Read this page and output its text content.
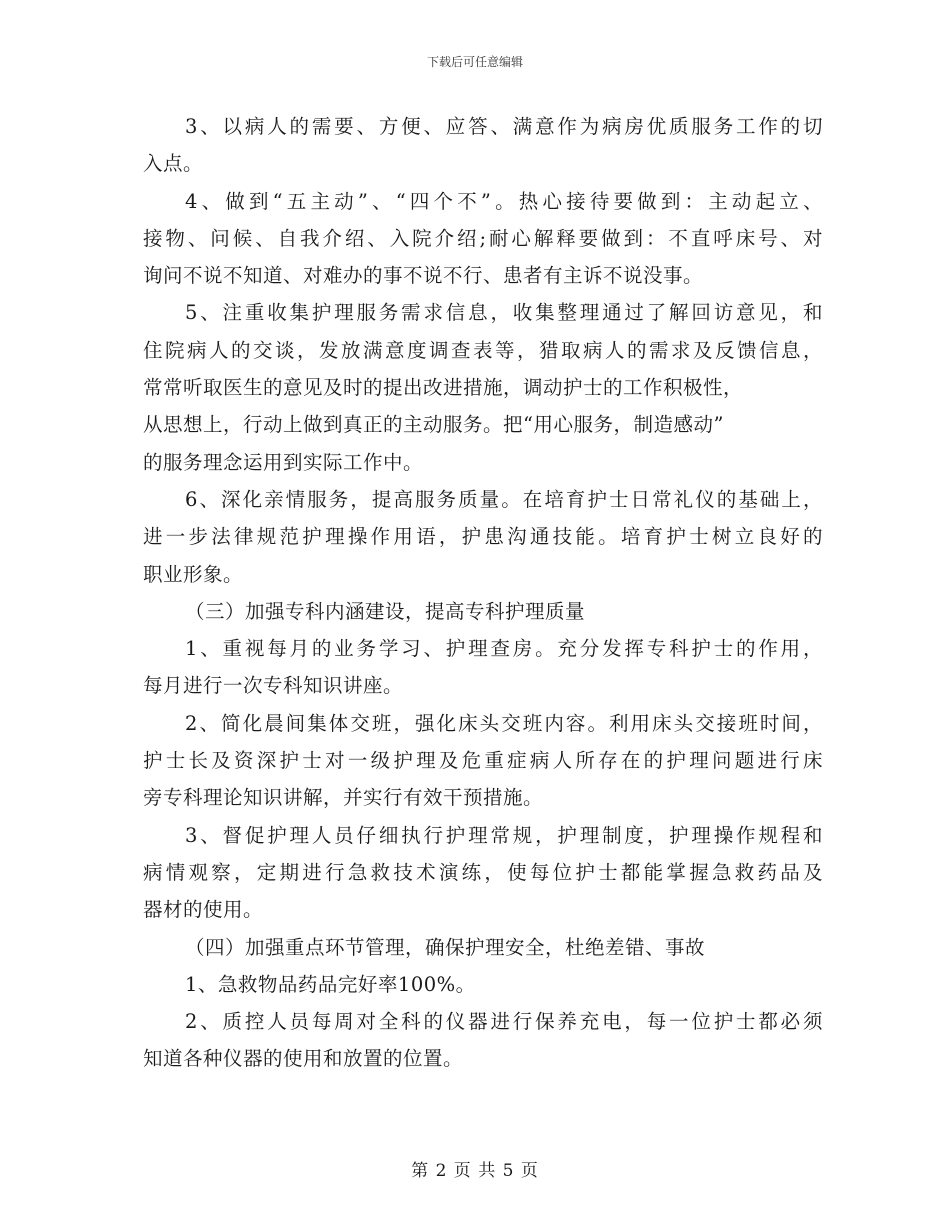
下载后可任意编辑
3、以病人的需要、方便、应答、满意作为病房优质服务工作的切
入点。
4、做到“五主动”、“四个不”。热心接待要做到：主动起立、
接物、问候、自我介绍、入院介绍;耐心解释要做到：不直呼床号、对
询问不说不知道、对难办的事不说不行、患者有主诉不说没事。
5、注重收集护理服务需求信息，收集整理通过了解回访意见，和
住院病人的交谈，发放满意度调查表等，猎取病人的需求及反馈信息，
常常听取医生的意见及时的提出改进措施，调动护士的工作积极性，
从思想上，行动上做到真正的主动服务。把“用心服务，制造感动”
的服务理念运用到实际工作中。
6、深化亲情服务，提高服务质量。在培育护士日常礼仪的基础上，
进一步法律规范护理操作用语，护患沟通技能。培育护士树立良好的
职业形象。
（三）加强专科内涵建设，提高专科护理质量
1、重视每月的业务学习、护理查房。充分发挥专科护士的作用，
每月进行一次专科知识讲座。
2、简化晨间集体交班，强化床头交班内容。利用床头交接班时间，
护士长及资深护士对一级护理及危重症病人所存在的护理问题进行床
旁专科理论知识讲解，并实行有效干预措施。
3、督促护理人员仔细执行护理常规，护理制度，护理操作规程和
病情观察，定期进行急救技术演练，使每位护士都能掌握急救药品及
器材的使用。
（四）加强重点环节管理，确保护理安全，杜绝差错、事故
1、急救物品药品完好率100%。
2、质控人员每周对全科的仪器进行保养充电，每一位护士都必须
知道各种仪器的使用和放置的位置。
第 2 页 共 5 页
